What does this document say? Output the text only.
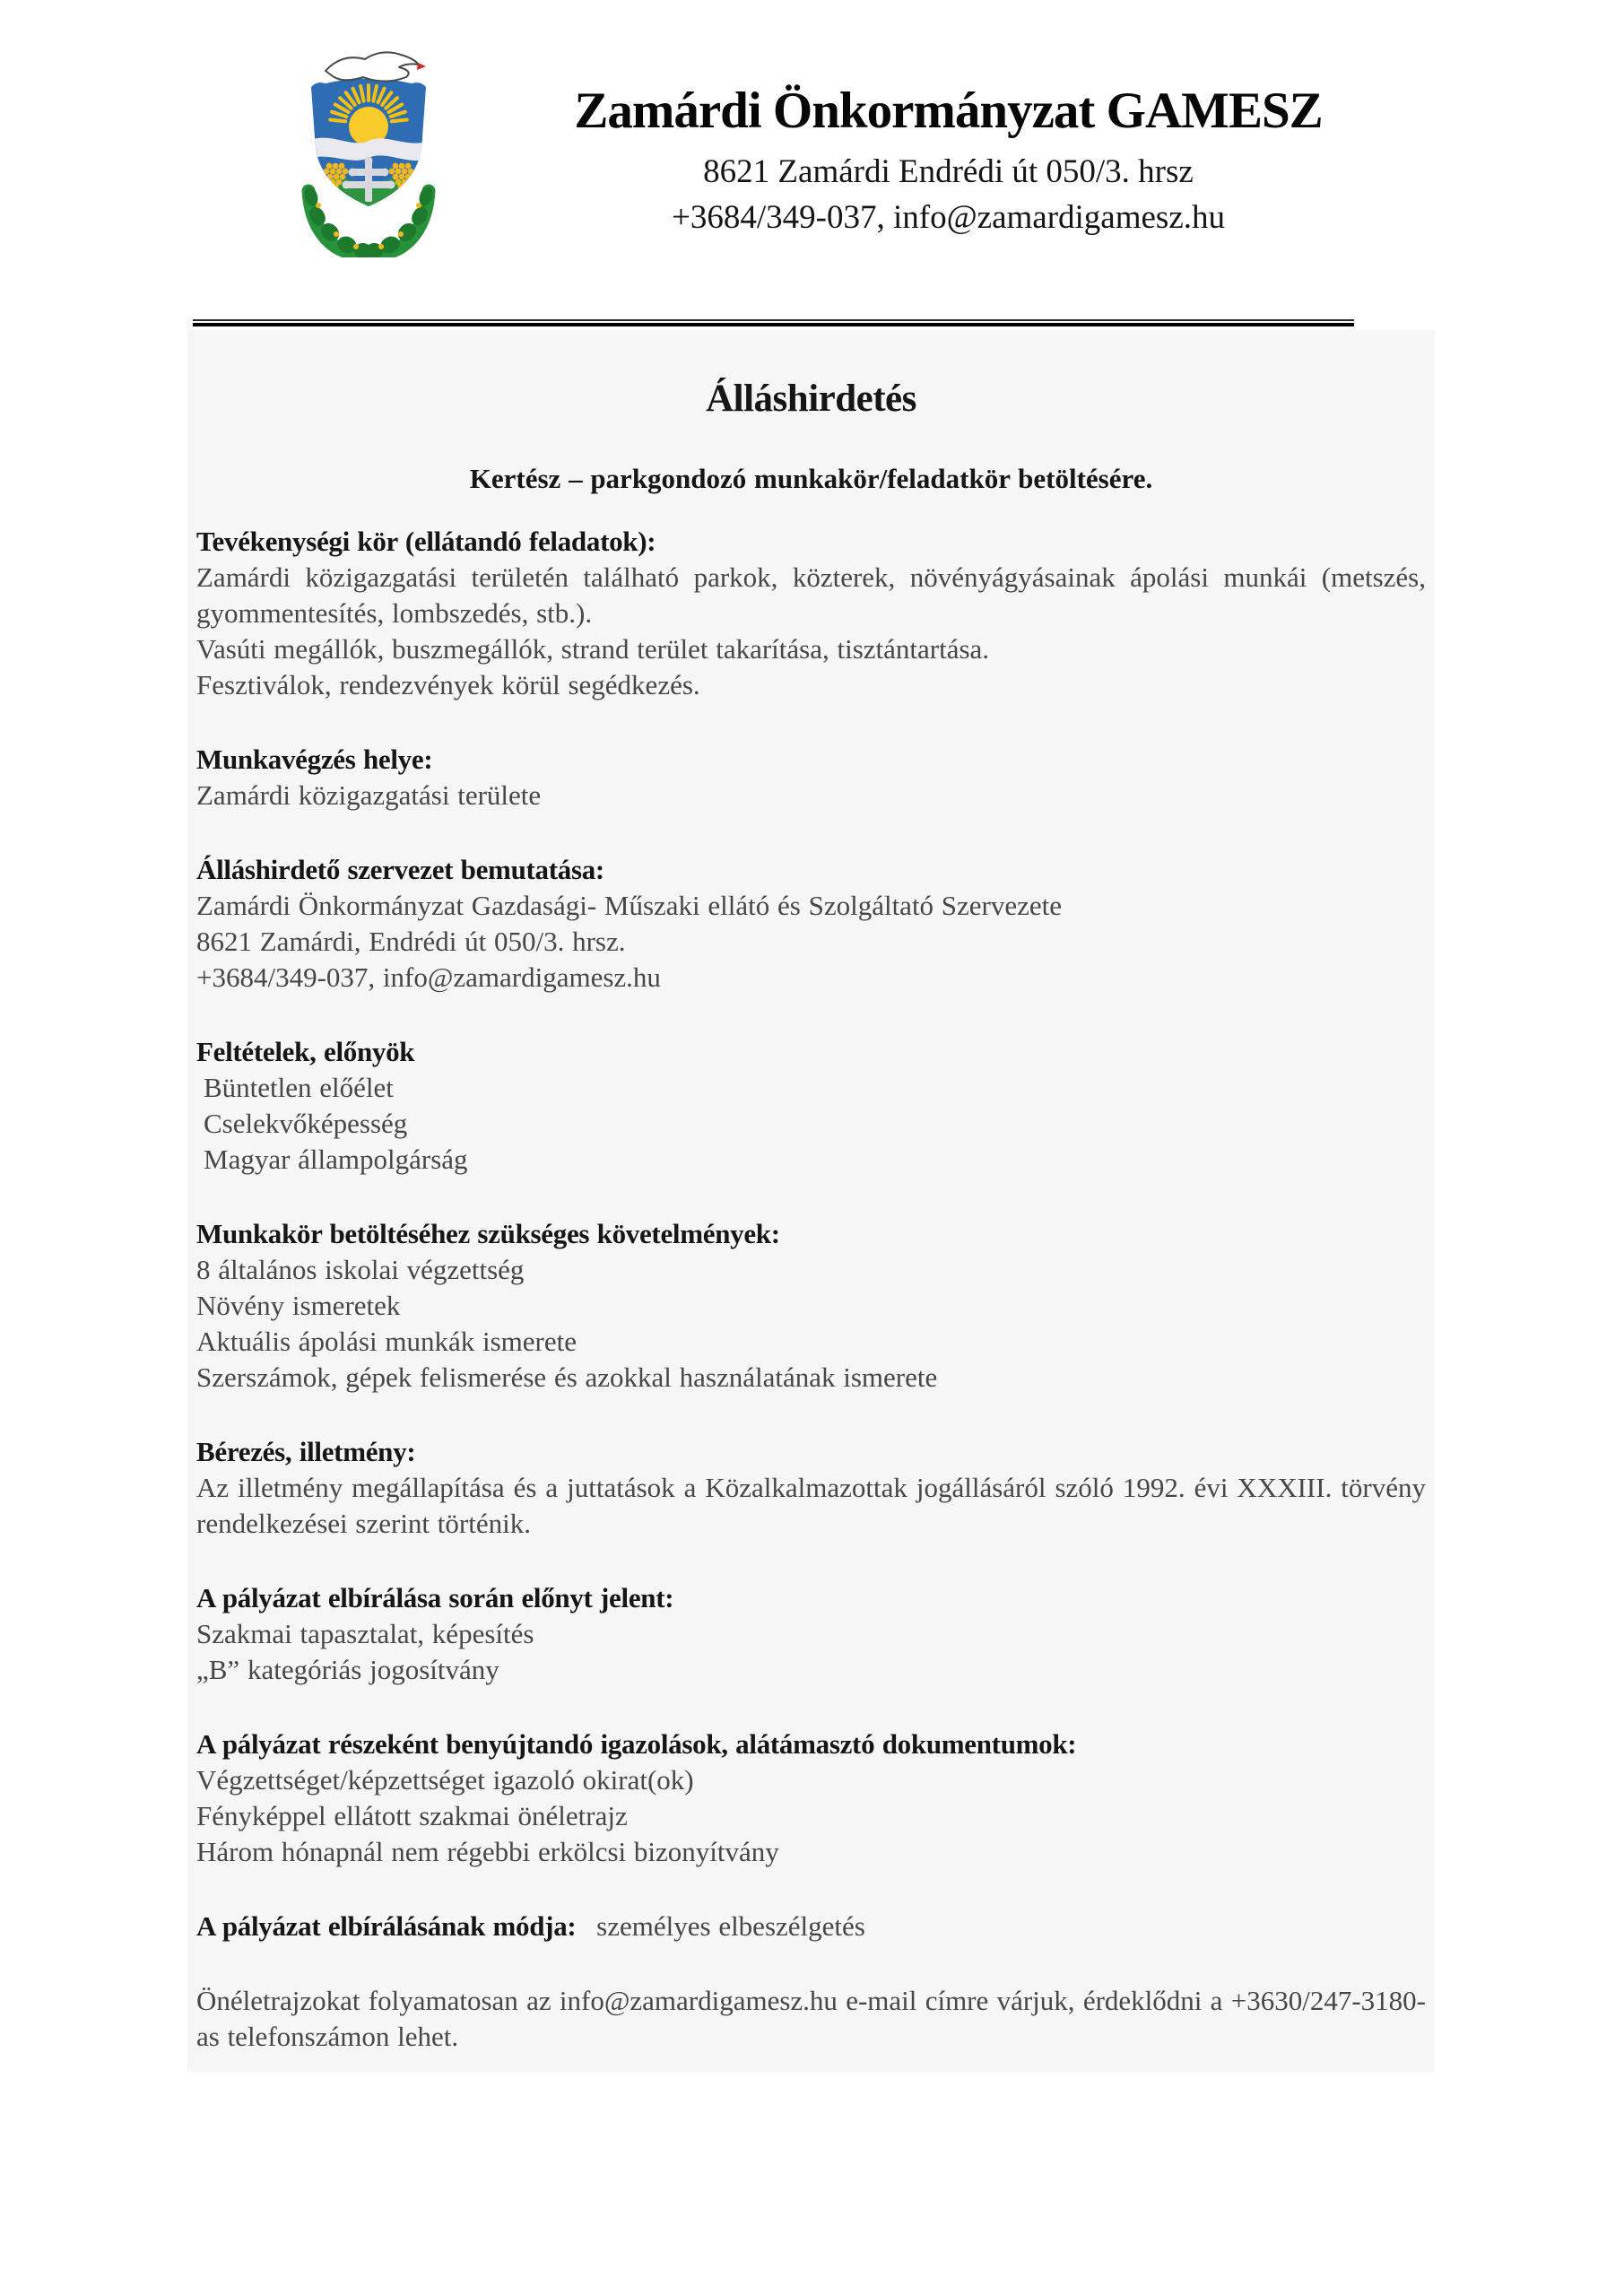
Zamárdi Önkormányzat GAMESZ
8621 Zamárdi Endrédi út 050/3. hrsz
+3684/349-037, info@zamardigamesz.hu
Álláshirdetés
Kertész – parkgondozó munkakör/feladatkör betöltésére.

Tevékenységi kör (ellátandó feladatok):

Zamárdi közigazgatási területén található parkok, közterek, növényágyásainak ápolási munkái (metszés, gyommentesítés, lombszedés, stb.).

Vasúti megállók, buszmegállók, strand terület takarítása, tisztántartása.

Fesztiválok, rendezvények körül segédkezés.

Munkavégzés helye:

Zamárdi közigazgatási területe

Álláshirdető szervezet bemutatása:

Zamárdi Önkormányzat Gazdasági- Műszaki ellátó és Szolgáltató Szervezete

8621 Zamárdi, Endrédi út 050/3. hrsz.

+3684/349-037, info@zamardigamesz.hu

Feltételek, előnyök

Büntetlen előélet

Cselekvőképesség

Magyar állampolgárság

Munkakör betöltéséhez szükséges követelmények:

8 általános iskolai végzettség

Növény ismeretek

Aktuális ápolási munkák ismerete

Szerszámok, gépek felismerése és azokkal használatának ismerete

Bérezés, illetmény:

Az illetmény megállapítása és a juttatások a Közalkalmazottak jogállásáról szóló 1992. évi XXXIII. törvény rendelkezései szerint történik.

A pályázat elbírálása során előnyt jelent:

Szakmai tapasztalat, képesítés

„B” kategóriás jogosítvány

A pályázat részeként benyújtandó igazolások, alátámasztó dokumentumok:

Végzettséget/képzettséget igazoló okirat(ok)

Fényképpel ellátott szakmai önéletrajz

Három hónapnál nem régebbi erkölcsi bizonyítvány

A pályázat elbírálásának módja: személyes elbeszélgetés

Önéletrajzokat folyamatosan az info@zamardigamesz.hu e-mail címre várjuk, érdeklődni a +3630/247-3180-as telefonszámon lehet.
